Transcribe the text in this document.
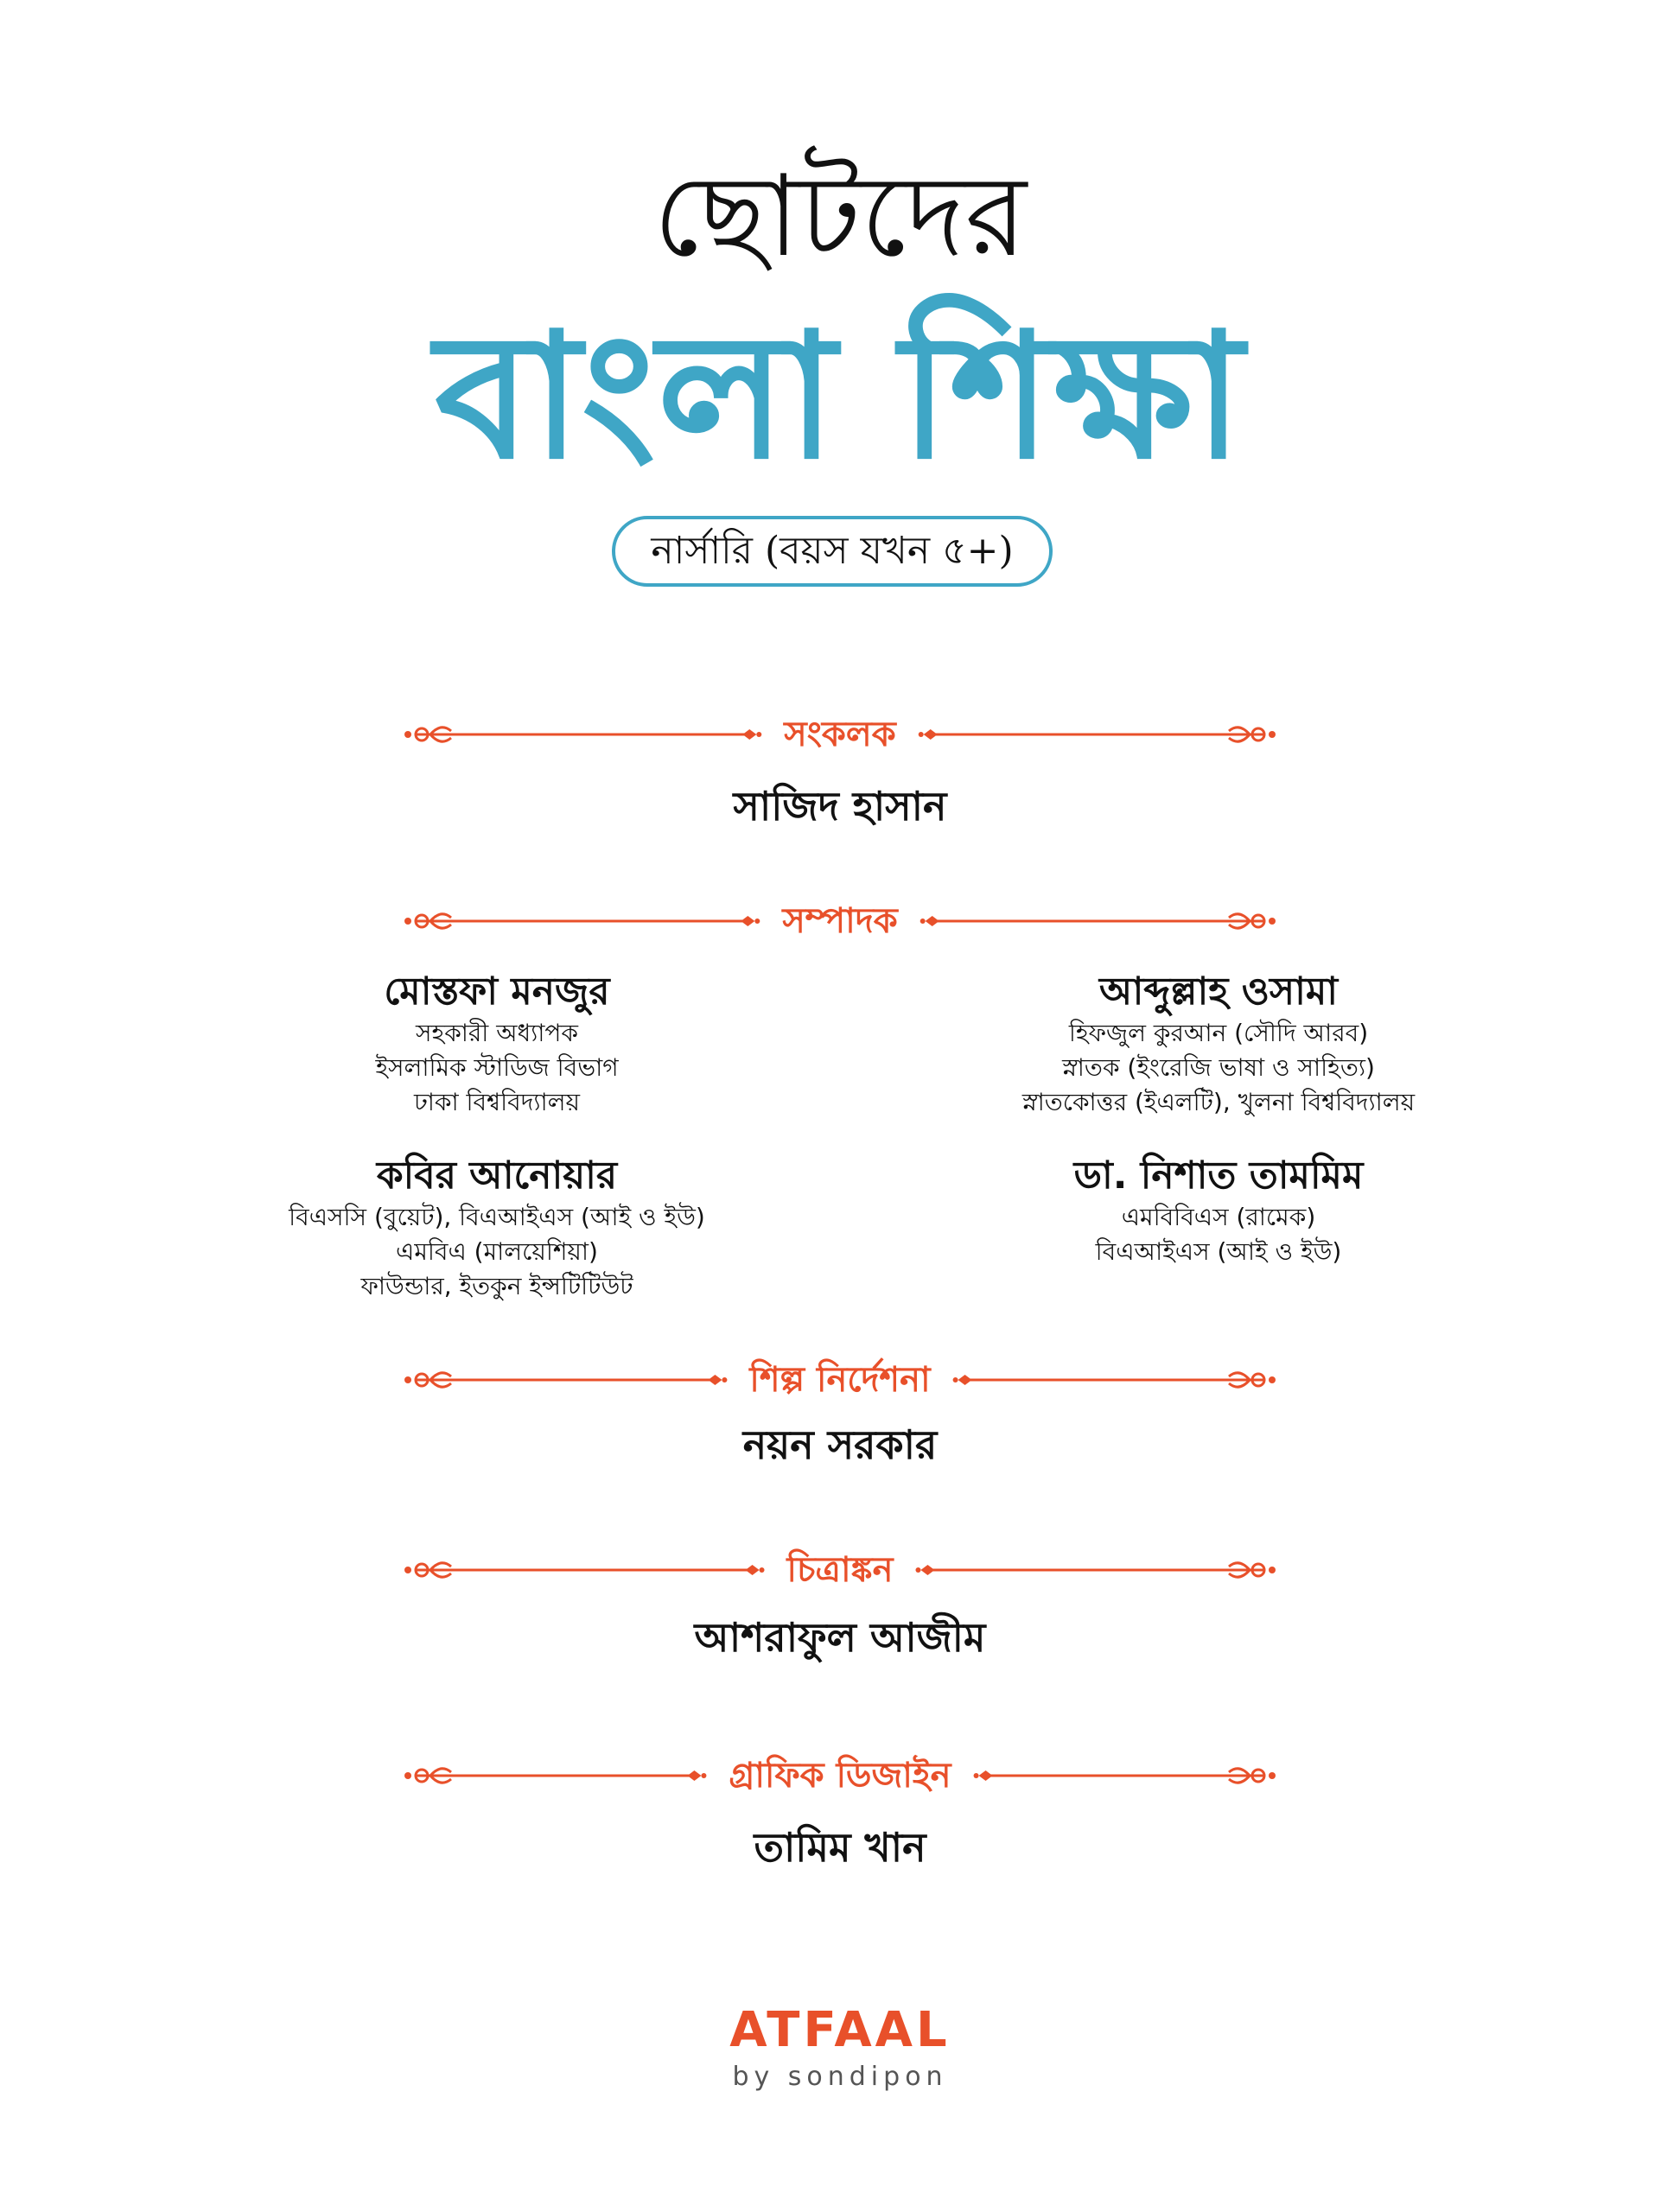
ছোটদের
বাংলা শিক্ষা
নার্সারি (বয়স যখন ৫+)
সংকলক
সাজিদ হাসান
সম্পাদক
মোস্তফা মনজুর
সহকারী অধ্যাপক
ইসলামিক স্টাডিজ বিভাগ
ঢাকা বিশ্ববিদ্যালয়
আব্দুল্লাহ ওসামা
হিফজুল কুরআন (সৌদি আরব)
স্নাতক (ইংরেজি ভাষা ও সাহিত্য)
স্নাতকোত্তর (ইএলটি), খুলনা বিশ্ববিদ্যালয়
কবির আনোয়ার
বিএসসি (বুয়েট), বিএআইএস (আই ও ইউ)
এমবিএ (মালয়েশিয়া)
ফাউন্ডার, ইতকুন ইন্সটিটিউট
ডা. নিশাত তামমিম
এমবিবিএস (রামেক)
বিএআইএস (আই ও ইউ)
শিল্প নির্দেশনা
নয়ন সরকার
চিত্রাঙ্কন
আশরাফুল আজীম
গ্রাফিক ডিজাইন
তামিম খান
ATFAAL
by sondipon
